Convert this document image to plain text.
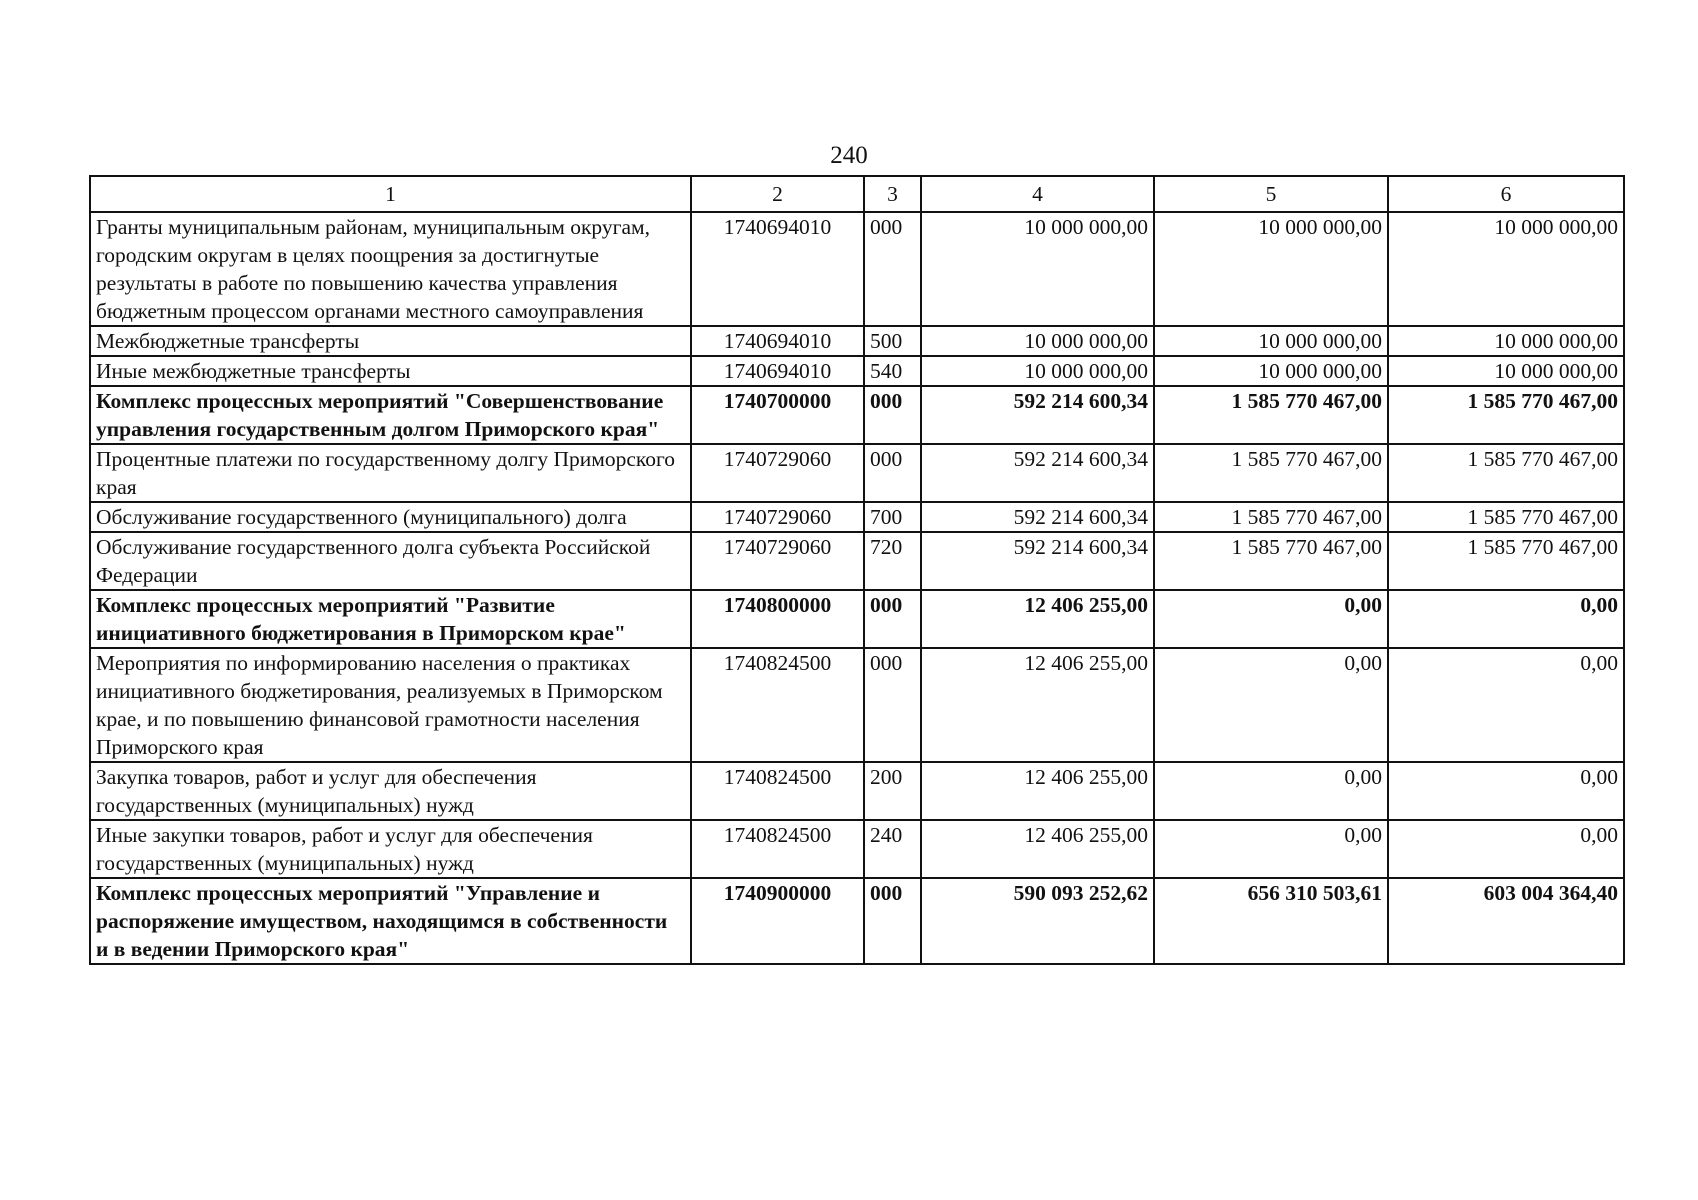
240
1	2	3	4	5	6
Гранты муниципальным районам, муниципальным округам, городским округам в целях поощрения за достигнутые результаты в работе по повышению качества управления бюджетным процессом органами местного самоуправления	1740694010	000	10 000 000,00	10 000 000,00	10 000 000,00
Межбюджетные трансферты	1740694010	500	10 000 000,00	10 000 000,00	10 000 000,00
Иные межбюджетные трансферты	1740694010	540	10 000 000,00	10 000 000,00	10 000 000,00
Комплекс процессных мероприятий "Совершенствование управления государственным долгом Приморского края"	1740700000	000	592 214 600,34	1 585 770 467,00	1 585 770 467,00
Процентные платежи по государственному долгу Приморского края	1740729060	000	592 214 600,34	1 585 770 467,00	1 585 770 467,00
Обслуживание государственного (муниципального) долга	1740729060	700	592 214 600,34	1 585 770 467,00	1 585 770 467,00
Обслуживание государственного долга субъекта Российской Федерации	1740729060	720	592 214 600,34	1 585 770 467,00	1 585 770 467,00
Комплекс процессных мероприятий "Развитие инициативного бюджетирования в Приморском крае"	1740800000	000	12 406 255,00	0,00	0,00
Мероприятия по информированию населения о практиках инициативного бюджетирования, реализуемых в Приморском крае, и по повышению финансовой грамотности населения Приморского края	1740824500	000	12 406 255,00	0,00	0,00
Закупка товаров, работ и услуг для обеспечения государственных (муниципальных) нужд	1740824500	200	12 406 255,00	0,00	0,00
Иные закупки товаров, работ и услуг для обеспечения государственных (муниципальных) нужд	1740824500	240	12 406 255,00	0,00	0,00
Комплекс процессных мероприятий "Управление и распоряжение имуществом, находящимся в собственности и в ведении Приморского края"	1740900000	000	590 093 252,62	656 310 503,61	603 004 364,40
